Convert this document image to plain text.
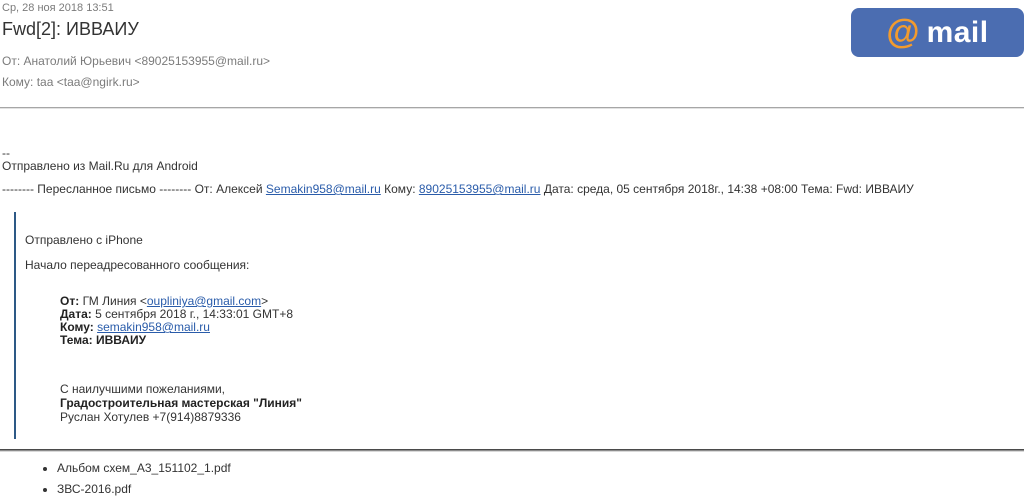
@ mail
Ср, 28 ноя 2018 13:51
Fwd[2]: ИВВАИУ
От: Анатолий Юрьевич <89025153955@mail.ru>
Кому: taa <taa@ngirk.ru>
--
Отправлено из Mail.Ru для Android

-------- Пересланное письмо -------- От: Алексей Semakin958@mail.ru Кому: 89025153955@mail.ru Дата: среда, 05 сентября 2018г., 14:38 +08:00 Тема: Fwd: ИВВАИУ

Отправлено с iPhone
Начало переадресованного сообщения:
От: ГМ Линия <oupliniya@gmail.com>
Дата: 5 сентября 2018 г., 14:33:01 GMT+8
Кому: semakin958@mail.ru
Тема: ИВВАИУ
С наилучшими пожеланиями,
Градостроительная мастерская "Линия"
Руслан Хотулев +7(914)8879336
• Альбом схем_А3_151102_1.pdf
• ЗВС-2016.pdf
